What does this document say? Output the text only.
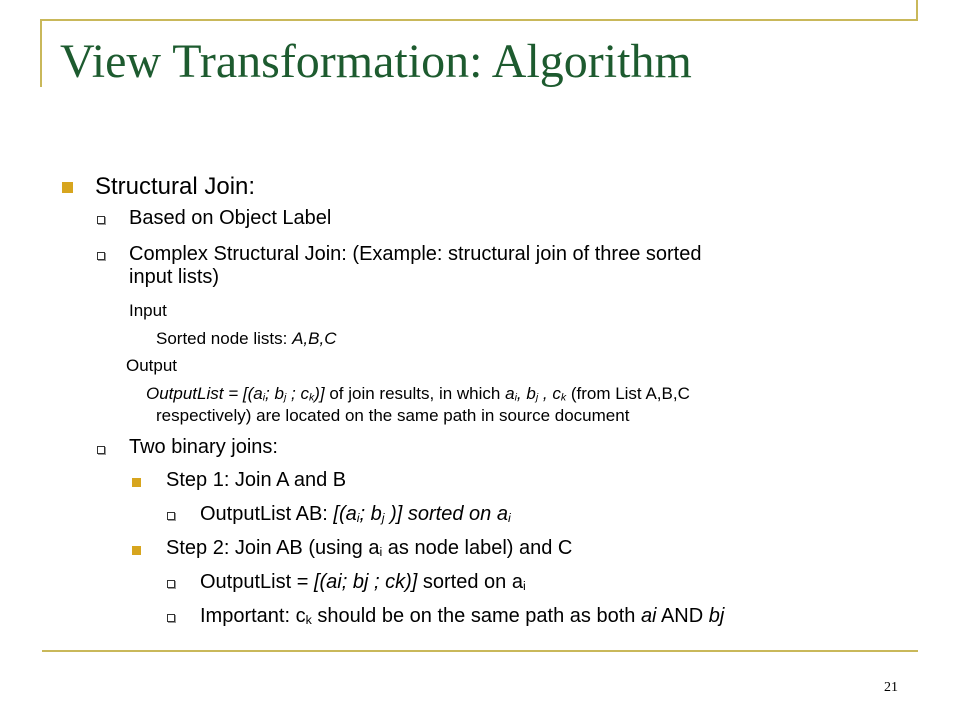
View Transformation: Algorithm
Structural Join:
Based on Object Label
Complex Structural Join: (Example: structural join of three sorted
input lists)
Input
Sorted node lists: A,B,C
Output
OutputList = [($a_i$; $b_j$ ; $c_k$)] of join results, in which $a_i$, $b_j$ , $c_k$ (from List A,B,C
respectively) are located on the same path in source document
Two binary joins:
Step 1: Join A and B
OutputList AB: [($a_i$; $b_j$ )] sorted on $a_i$
Step 2: Join AB (using $a_i$ as node label) and C
OutputList = [(ai; bj ; ck)] sorted on $a_i$
Important: $c_k$ should be on the same path as both ai AND bj
21
